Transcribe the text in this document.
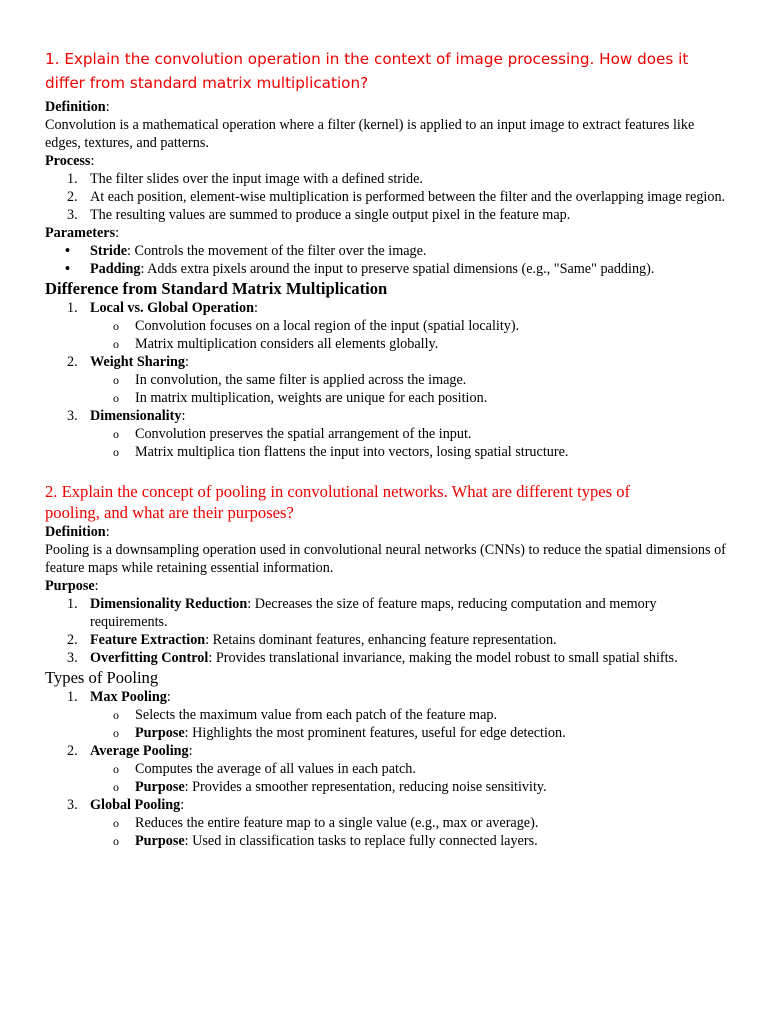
1. Explain the convolution operation in the context of image processing. How does it
differ from standard matrix multiplication?

Definition:

Convolution is a mathematical operation where a filter (kernel) is applied to an input image to extract features like edges, textures, and patterns.

Process:

1. The filter slides over the input image with a defined stride.
2. At each position, element-wise multiplication is performed between the filter and the overlapping image region.
3. The resulting values are summed to produce a single output pixel in the feature map.

Parameters:

• Stride: Controls the movement of the filter over the image.
• Padding: Adds extra pixels around the input to preserve spatial dimensions (e.g., "Same" padding).
Difference from Standard Matrix Multiplication
1. Local vs. Global Operation:
o Convolution focuses on a local region of the input (spatial locality).
o Matrix multiplication considers all elements globally.
2. Weight Sharing:
o In convolution, the same filter is applied across the image.
o In matrix multiplication, weights are unique for each position.
3. Dimensionality:
o Convolution preserves the spatial arrangement of the input.
o Matrix multiplica tion flattens the input into vectors, losing spatial structure.
2. Explain the concept of pooling in convolutional networks. What are different types of
pooling, and what are their purposes?

Definition:

Pooling is a downsampling operation used in convolutional neural networks (CNNs) to reduce the spatial dimensions of feature maps while retaining essential information.

Purpose:

1. Dimensionality Reduction: Decreases the size of feature maps, reducing computation and memory requirements.
2. Feature Extraction: Retains dominant features, enhancing feature representation.
3. Overfitting Control: Provides translational invariance, making the model robust to small spatial shifts.
Types of Pooling
1. Max Pooling:
o Selects the maximum value from each patch of the feature map.
o Purpose: Highlights the most prominent features, useful for edge detection.
2. Average Pooling:
o Computes the average of all values in each patch.
o Purpose: Provides a smoother representation, reducing noise sensitivity.
3. Global Pooling:
o Reduces the entire feature map to a single value (e.g., max or average).
o Purpose: Used in classification tasks to replace fully connected layers.
